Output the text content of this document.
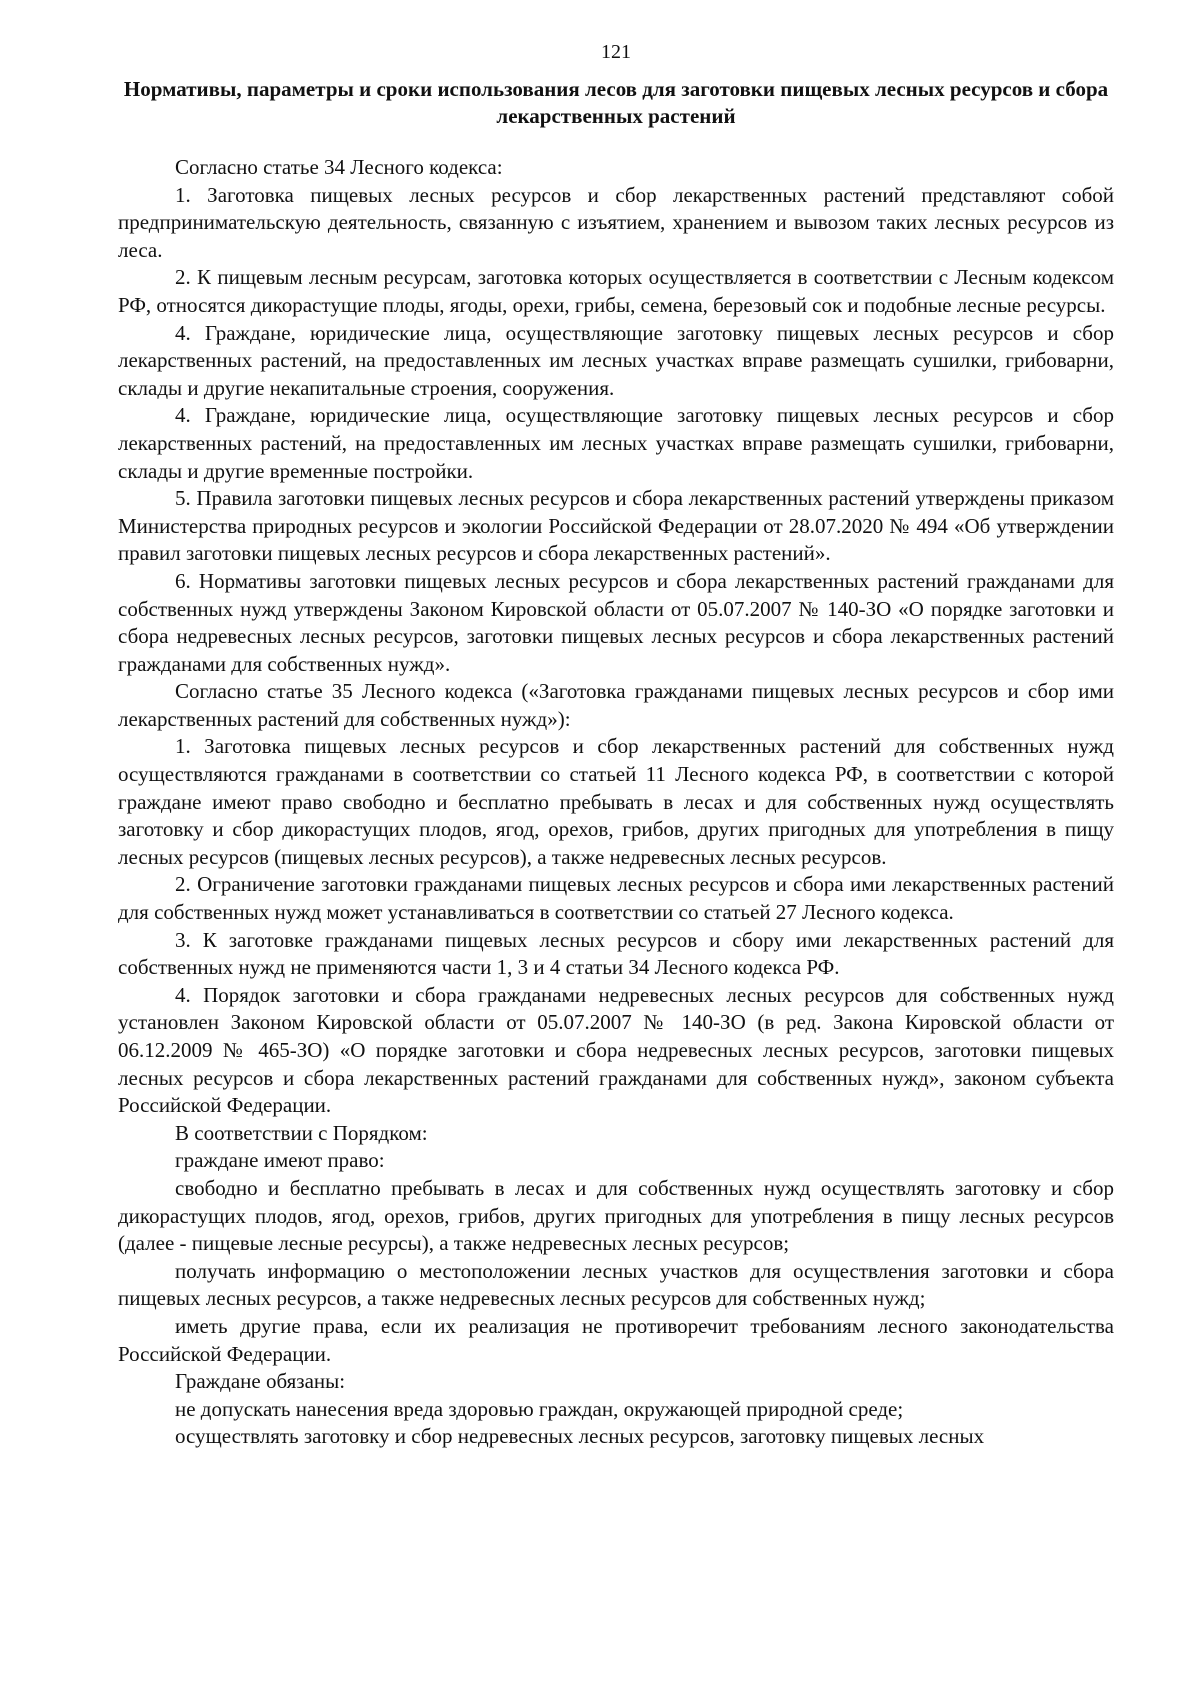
121
Нормативы, параметры и сроки использования лесов для заготовки пищевых лесных ресурсов и сбора лекарственных растений

Согласно статье 34 Лесного кодекса:

1. Заготовка пищевых лесных ресурсов и сбор лекарственных растений представляют собой предпринимательскую деятельность, связанную с изъятием, хранением и вывозом таких лесных ресурсов из леса.

2. К пищевым лесным ресурсам, заготовка которых осуществляется в соответствии с Лесным кодексом РФ, относятся дикорастущие плоды, ягоды, орехи, грибы, семена, березовый сок и подобные лесные ресурсы.

4. Граждане, юридические лица, осуществляющие заготовку пищевых лесных ресурсов и сбор лекарственных растений, на предоставленных им лесных участках вправе размещать сушилки, грибоварни, склады и другие некапитальные строения, сооружения.

4. Граждане, юридические лица, осуществляющие заготовку пищевых лесных ресурсов и сбор лекарственных растений, на предоставленных им лесных участках вправе размещать сушилки, грибоварни, склады и другие временные постройки.

5. Правила заготовки пищевых лесных ресурсов и сбора лекарственных растений утверждены приказом Министерства природных ресурсов и экологии Российской Федерации от 28.07.2020 № 494 «Об утверждении правил заготовки пищевых лесных ресурсов и сбора лекарственных растений».

6. Нормативы заготовки пищевых лесных ресурсов и сбора лекарственных растений гражданами для собственных нужд утверждены Законом Кировской области от 05.07.2007 № 140-ЗО «О порядке заготовки и сбора недревесных лесных ресурсов, заготовки пищевых лесных ресурсов и сбора лекарственных растений гражданами для собственных нужд».

Согласно статье 35 Лесного кодекса («Заготовка гражданами пищевых лесных ресурсов и сбор ими лекарственных растений для собственных нужд»):

1. Заготовка пищевых лесных ресурсов и сбор лекарственных растений для собственных нужд осуществляются гражданами в соответствии со статьей 11 Лесного кодекса РФ, в соответствии с которой граждане имеют право свободно и бесплатно пребывать в лесах и для собственных нужд осуществлять заготовку и сбор дикорастущих плодов, ягод, орехов, грибов, других пригодных для употребления в пищу лесных ресурсов (пищевых лесных ресурсов), а также недревесных лесных ресурсов.

2. Ограничение заготовки гражданами пищевых лесных ресурсов и сбора ими лекарственных растений для собственных нужд может устанавливаться в соответствии со статьей 27 Лесного кодекса.

3. К заготовке гражданами пищевых лесных ресурсов и сбору ими лекарственных растений для собственных нужд не применяются части 1, 3 и 4 статьи 34 Лесного кодекса РФ.

4. Порядок заготовки и сбора гражданами недревесных лесных ресурсов для собственных нужд установлен Законом Кировской области от 05.07.2007 № 140-ЗО (в ред. Закона Кировской области от 06.12.2009 № 465-ЗО) «О порядке заготовки и сбора недревесных лесных ресурсов, заготовки пищевых лесных ресурсов и сбора лекарственных растений гражданами для собственных нужд», законом субъекта Российской Федерации.

В соответствии с Порядком:

граждане имеют право:

свободно и бесплатно пребывать в лесах и для собственных нужд осуществлять заготовку и сбор дикорастущих плодов, ягод, орехов, грибов, других пригодных для употребления в пищу лесных ресурсов (далее - пищевые лесные ресурсы), а также недревесных лесных ресурсов;

получать информацию о местоположении лесных участков для осуществления заготовки и сбора пищевых лесных ресурсов, а также недревесных лесных ресурсов для собственных нужд;

иметь другие права, если их реализация не противоречит требованиям лесного законодательства Российской Федерации.

Граждане обязаны:

не допускать нанесения вреда здоровью граждан, окружающей природной среде;

осуществлять заготовку и сбор недревесных лесных ресурсов, заготовку пищевых лесных
